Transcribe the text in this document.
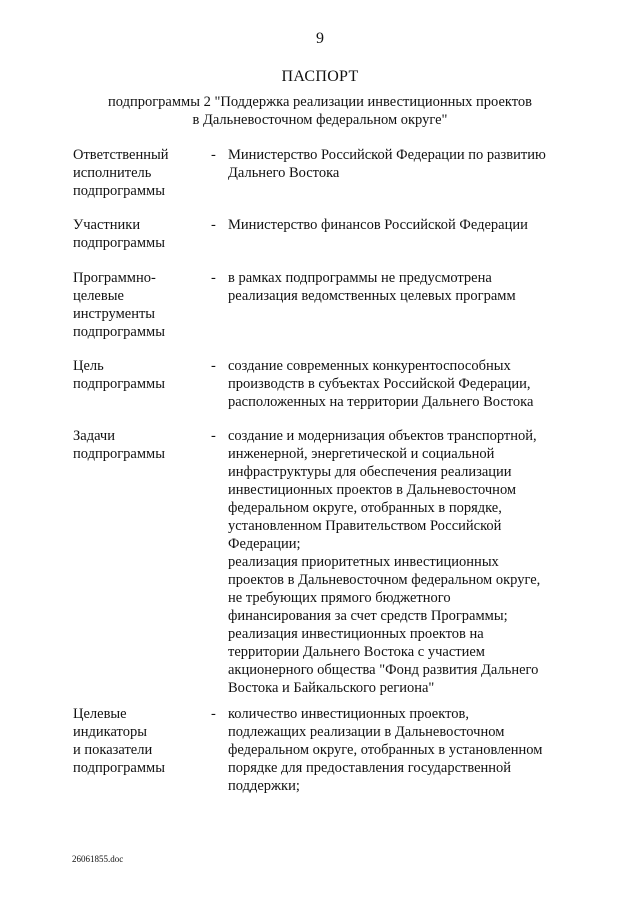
9
ПАСПОРТ
подпрограммы 2 "Поддержка реализации инвестиционных проектов
в Дальневосточном федеральном округе"
Ответственный
исполнитель
подпрограммы
- Министерство Российской Федерации по развитию
Дальнего Востока
Участники
подпрограммы
- Министерство финансов Российской Федерации
Программно-
целевые
инструменты
подпрограммы
- в рамках подпрограммы не предусмотрена
реализация ведомственных целевых программ
Цель
подпрограммы
- создание современных конкурентоспособных
производств в субъектах Российской Федерации,
расположенных на территории Дальнего Востока
Задачи
подпрограммы
- создание и модернизация объектов транспортной,
инженерной, энергетической и социальной
инфраструктуры для обеспечения реализации
инвестиционных проектов в Дальневосточном
федеральном округе, отобранных в порядке,
установленном Правительством Российской
Федерации;
реализация приоритетных инвестиционных
проектов в Дальневосточном федеральном округе,
не требующих прямого бюджетного
финансирования за счет средств Программы;
реализация инвестиционных проектов на
территории Дальнего Востока с участием
акционерного общества "Фонд развития Дальнего
Востока и Байкальского региона"
Целевые
индикаторы
и показатели
подпрограммы
- количество инвестиционных проектов,
подлежащих реализации в Дальневосточном
федеральном округе, отобранных в установленном
порядке для предоставления государственной
поддержки;
26061855.doc
